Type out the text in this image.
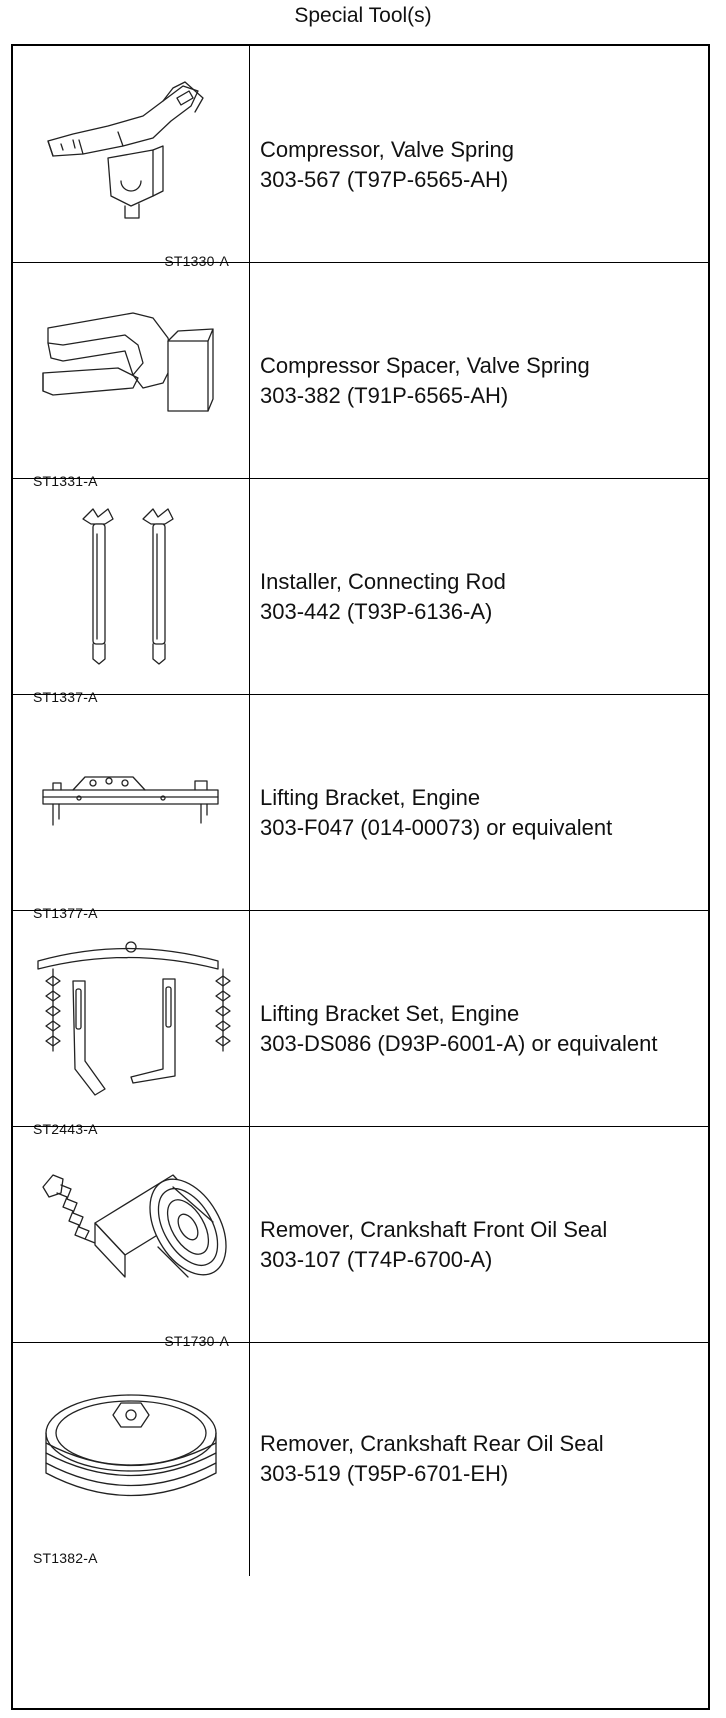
Special Tool(s)
ST1330-A
Compressor, Valve Spring
303-567 (T97P-6565-AH)
ST1331-A
Compressor Spacer, Valve Spring
303-382 (T91P-6565-AH)
ST1337-A
Installer, Connecting Rod
303-442 (T93P-6136-A)
ST1377-A
Lifting Bracket, Engine
303-F047 (014-00073) or equivalent
ST2443-A
Lifting Bracket Set, Engine
303-DS086 (D93P-6001-A) or equivalent
ST1730-A
Remover, Crankshaft Front Oil Seal
303-107 (T74P-6700-A)
ST1382-A
Remover, Crankshaft Rear Oil Seal
303-519 (T95P-6701-EH)
